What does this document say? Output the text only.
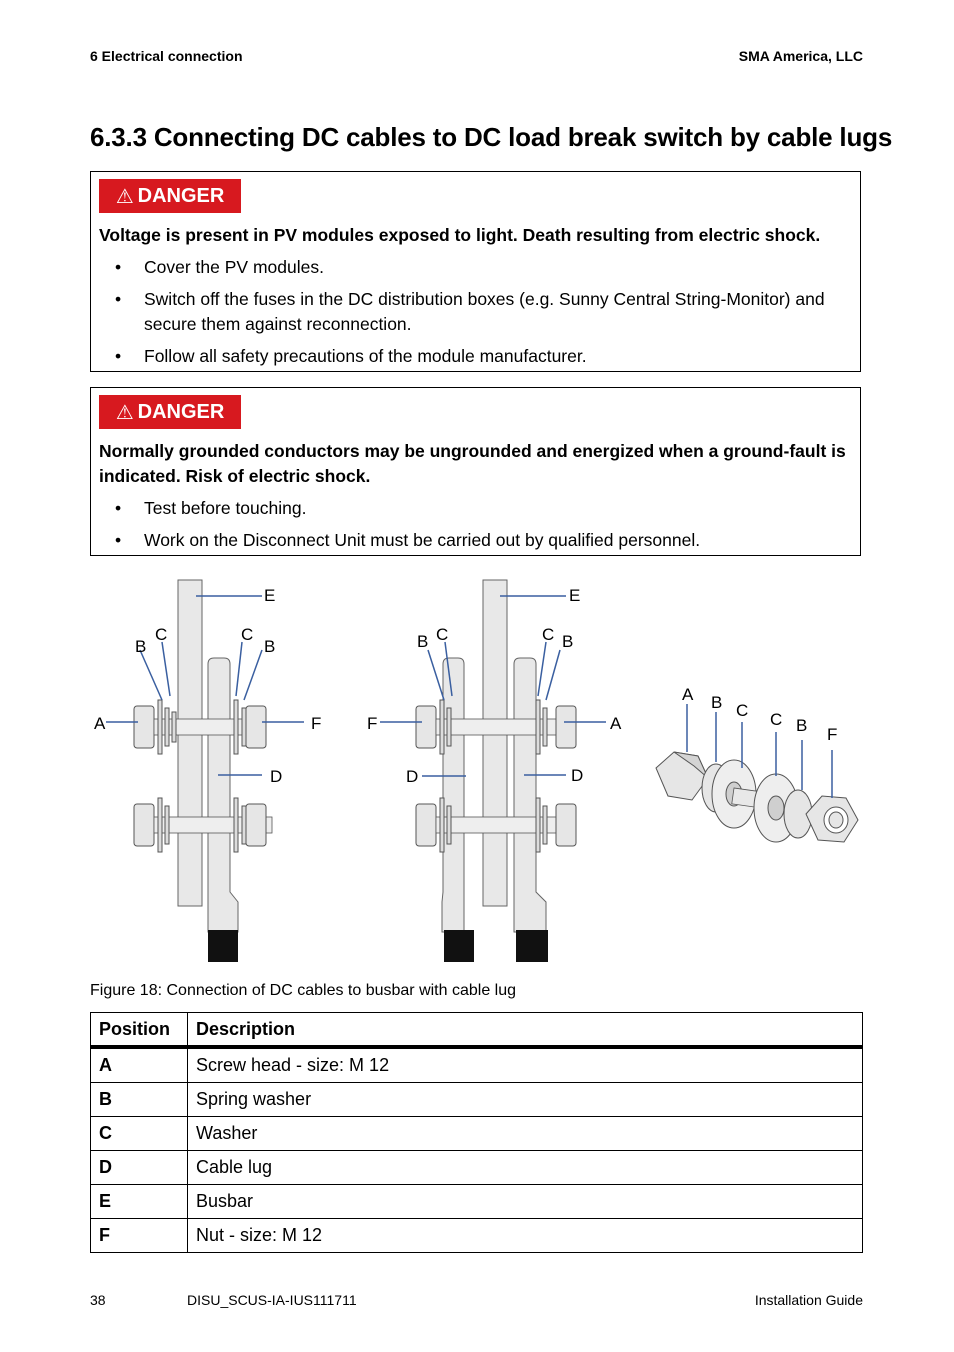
6 Electrical connection	SMA America, LLC
6.3.3 Connecting DC cables to DC load break switch by cable lugs
⚠ DANGER
Voltage is present in PV modules exposed to light. Death resulting from electric shock.
• Cover the PV modules.
• Switch off the fuses in the DC distribution boxes (e.g. Sunny Central String-Monitor) and secure them against reconnection.
• Follow all safety precautions of the module manufacturer.
⚠ DANGER
Normally grounded conductors may be ungrounded and energized when a ground-fault is indicated. Risk of electric shock.
• Test before touching.
• Work on the Disconnect Unit must be carried out by qualified personnel.
E
B
C	C
B
A	F
D
E
B C	C B
F	A
D	D
A B C C B F
Figure 18: Connection of DC cables to busbar with cable lug
Position	Description
A	Screw head - size: M 12
B	Spring washer
C	Washer
D	Cable lug
E	Busbar
F	Nut - size: M 12
38	DISU_SCUS-IA-IUS111711	Installation Guide
